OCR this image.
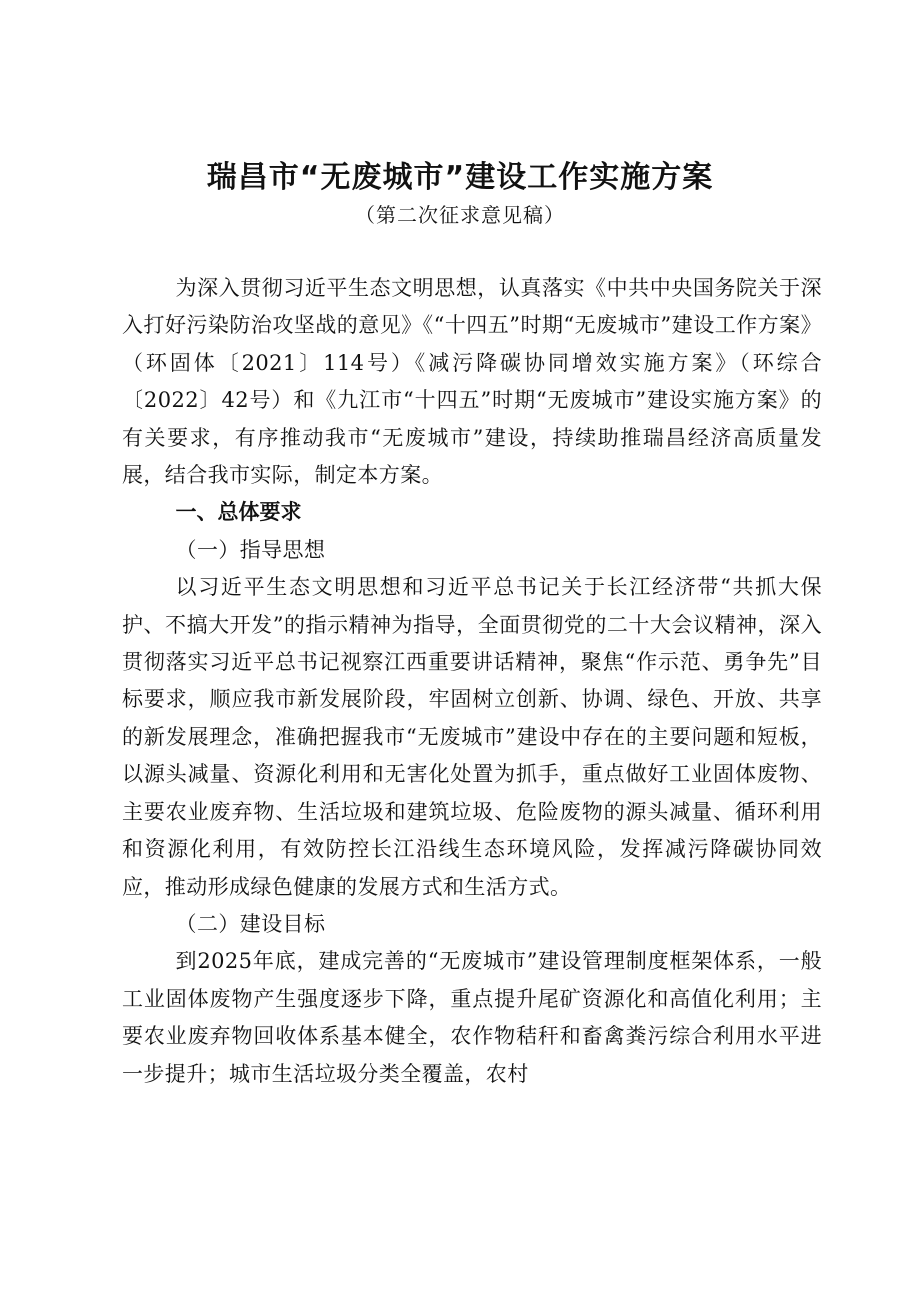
瑞昌市“无废城市”建设工作实施方案
（第二次征求意见稿）

为深入贯彻习近平生态文明思想，认真落实《中共中央国务院关于深入打好污染防治攻坚战的意见》《“十四五”时期“无废城市”建设工作方案》（环固体〔2021〕114号）《减污降碳协同增效实施方案》（环综合〔2022〕42号）和《九江市“十四五”时期“无废城市”建设实施方案》的有关要求，有序推动我市“无废城市”建设，持续助推瑞昌经济高质量发展，结合我市实际，制定本方案。

一、总体要求

（一）指导思想

以习近平生态文明思想和习近平总书记关于长江经济带“共抓大保护、不搞大开发”的指示精神为指导，全面贯彻党的二十大会议精神，深入贯彻落实习近平总书记视察江西重要讲话精神，聚焦“作示范、勇争先”目标要求，顺应我市新发展阶段，牢固树立创新、协调、绿色、开放、共享的新发展理念，准确把握我市“无废城市”建设中存在的主要问题和短板，以源头减量、资源化利用和无害化处置为抓手，重点做好工业固体废物、主要农业废弃物、生活垃圾和建筑垃圾、危险废物的源头减量、循环利用和资源化利用，有效防控长江沿线生态环境风险，发挥减污降碳协同效应，推动形成绿色健康的发展方式和生活方式。

（二）建设目标

到2025年底，建成完善的“无废城市”建设管理制度框架体系，一般工业固体废物产生强度逐步下降，重点提升尾矿资源化和高值化利用；主要农业废弃物回收体系基本健全，农作物秸秆和畜禽粪污综合利用水平进一步提升；城市生活垃圾分类全覆盖，农村
